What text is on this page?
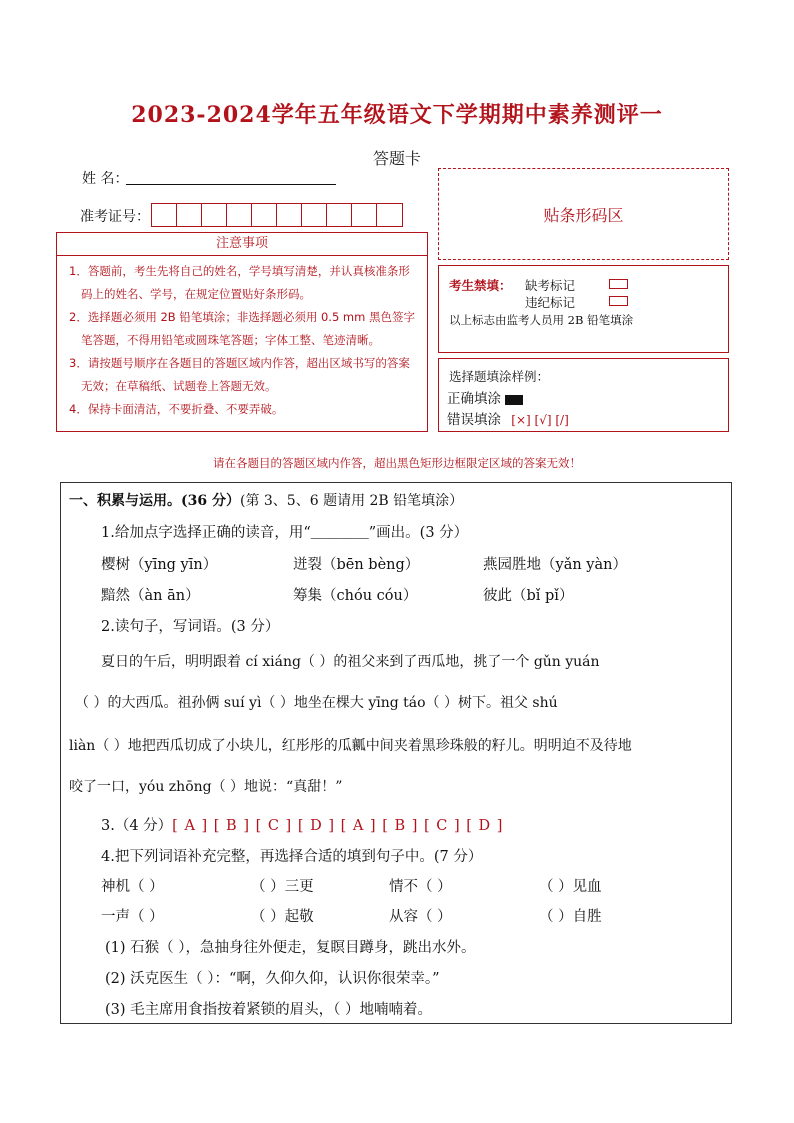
2023-2024学年五年级语文下学期期中素养测评一
答题卡
姓 名：
准考证号：
注意事项
1．答题前，考生先将自己的姓名，学号填写清楚，并认真核准条形码上的姓名、学号，在规定位置贴好条形码。
2．选择题必须用 2B 铅笔填涂；非选择题必须用 0.5 mm 黑色签字笔答题，不得用铅笔或圆珠笔答题；字体工整、笔迹清晰。
3．请按题号顺序在各题目的答题区域内作答，超出区域书写的答案无效；在草稿纸、试题卷上答题无效。
4．保持卡面清洁，不要折叠、不要弄破。
贴条形码区
考生禁填： 缺考标记
违纪标记
以上标志由监考人员用 2B 铅笔填涂
选择题填涂样例：
正确填涂
错误填涂 [×] [√] [/]
请在各题目的答题区域内作答，超出黑色矩形边框限定区域的答案无效！
一、积累与运用。(36 分）(第 3、5、6 题请用 2B 铅笔填涂）
1.给加点字选择正确的读音，用“＿＿＿＿”画出。(3 分）
樱树（yīng yīn）	迸裂（bēn bèng）	燕园胜地（yǎn yàn）
黯然（àn ān）	筹集（chóu cóu）	彼此（bǐ pǐ）
2.读句子，写词语。(3 分）
夏日的午后，明明跟着 cí xiáng（ ）的祖父来到了西瓜地，挑了一个 gǔn yuán
（ ）的大西瓜。祖孙俩 suí yì（ ）地坐在棵大 yīng táo（ ）树下。祖父 shú
liàn（ ）地把西瓜切成了小块儿，红彤彤的瓜瓤中间夹着黑珍珠般的籽儿。明明迫不及待地
咬了一口，yóu zhōng（ ）地说：“真甜！”
3.（4 分）[ A ] [ B ] [ C ] [ D ] [ A ] [ B ] [ C ] [ D ]
4.把下列词语补充完整，再选择合适的填到句子中。(7 分）
神机（ ）	（ ）三更	情不（ ）	（ ）见血
一声（ ）	（ ）起敬	从容（ ）	（ ）自胜
(1) 石猴（ ），急抽身往外便走，复瞑目蹲身，跳出水外。
(2) 沃克医生（ ）：“啊，久仰久仰，认识你很荣幸。”
(3) 毛主席用食指按着紧锁的眉头，（ ）地喃喃着。
